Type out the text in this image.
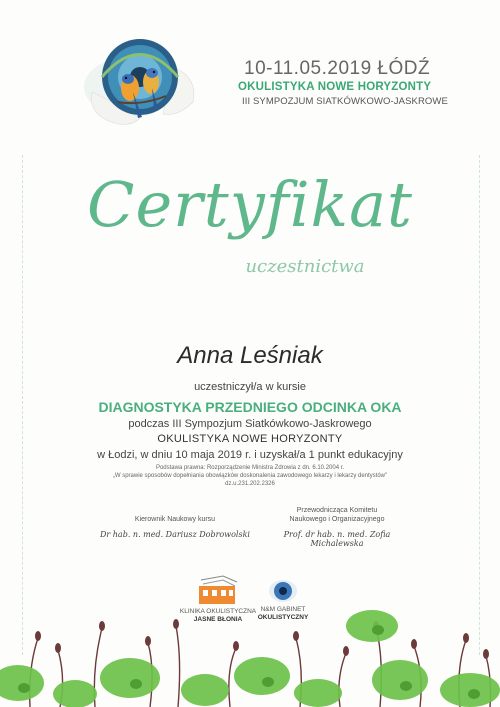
10-11.05.2019 ŁÓDŹ
OKULISTYKA NOWE HORYZONTY
III SYMPOZJUM SIATKÓWKOWO-JASKROWE
Certyfikat
uczestnictwa
Anna Leśniak
uczestniczył/a w kursie
DIAGNOSTYKA PRZEDNIEGO ODCINKA OKA
podczas III Sympozjum Siatkówkowo-Jaskrowego
OKULISTYKA NOWE HORYZONTY
w Łodzi, w dniu 10 maja 2019 r. i uzyskał/a 1 punkt edukacyjny
Podstawa prawna: Rozporządzenie Ministra Zdrowia z dn. 6.10.2004 r.
„W sprawie sposobów dopełniania obowiązków doskonalenia zawodowego lekarzy i lekarzy dentystów"
dz.u.231.202.2326
Kierownik Naukowy kursu
Dr hab. n. med. Dariusz Dobrowolski
Przewodnicząca Komitetu
Naukowego i Organizacyjnego
Prof. dr hab. n. med. Zofia Michalewska
KLINIKA OKULISTYCZNA
JASNE BŁONIA
N&M GABINET
OKULISTYCZNY
